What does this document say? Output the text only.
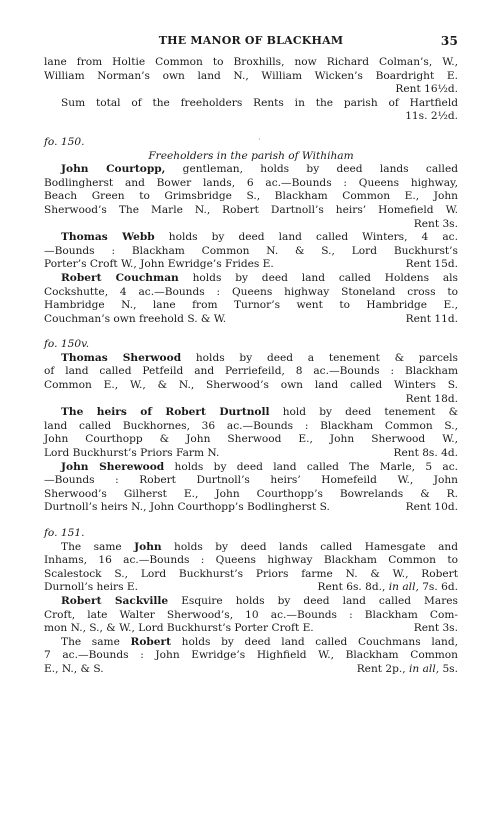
THE MANOR OF BLACKHAM	35

lane from Holtie Common to Broxhills, now Richard Colman’s, W.,

William Norman’s own land N., William Wicken’s Boardright E.

Rent 16½d.

Sum total of the freeholders Rents in the parish of Hartfield

11s. 2½d.

fo. 150.

Freeholders in the parish of Withiham

John Courtopp, gentleman, holds by deed lands called

Bodlingherst and Bower lands, 6 ac.—Bounds : Queens highway,

Beach Green to Grimsbridge S., Blackham Common E., John

Sherwood’s The Marle N., Robert Dartnoll’s heirs’ Homefield W.

Rent 3s.

Thomas Webb holds by deed land called Winters, 4 ac.

—Bounds : Blackham Common N. & S., Lord Buckhurst’s

Porter’s Croft W., John Ewridge’s Frides E.	Rent 15d.

Robert Couchman holds by deed land called Holdens als

Cockshutte, 4 ac.—Bounds : Queens highway Stoneland cross to

Hambridge N., lane from Turnor’s went to Hambridge E.,

Couchman’s own freehold S. & W.	Rent 11d.

fo. 150v.

Thomas Sherwood holds by deed a tenement & parcels

of land called Petfeild and Perriefeild, 8 ac.—Bounds : Blackham

Common E., W., & N., Sherwood’s own land called Winters S.

Rent 18d.

The heirs of Robert Durtnoll hold by deed tenement &

land called Buckhornes, 36 ac.—Bounds : Blackham Common S.,

John Courthopp & John Sherwood E., John Sherwood W.,

Lord Buckhurst’s Priors Farm N.	Rent 8s. 4d.

John Sherewood holds by deed land called The Marle, 5 ac.

—Bounds : Robert Durtnoll’s heirs’ Homefeild W., John

Sherwood’s Gilherst E., John Courthopp’s Bowrelands & R.

Durtnoll’s heirs N., John Courthopp’s Bodlingherst S.	Rent 10d.

fo. 151.

The same John holds by deed lands called Hamesgate and

Inhams, 16 ac.—Bounds : Queens highway Blackham Common to

Scalestock S., Lord Buckhurst’s Priors farme N. & W., Robert

Durnoll’s heirs E.	Rent 6s. 8d., in all, 7s. 6d.

Robert Sackville Esquire holds by deed land called Mares

Croft, late Walter Sherwood’s, 10 ac.—Bounds : Blackham Com-

mon N., S., & W., Lord Buckhurst’s Porter Croft E.	Rent 3s.

The same Robert holds by deed land called Couchmans land,

7 ac.—Bounds : John Ewridge’s Highfield W., Blackham Common

E., N., & S.	Rent 2p., in all, 5s.

·
